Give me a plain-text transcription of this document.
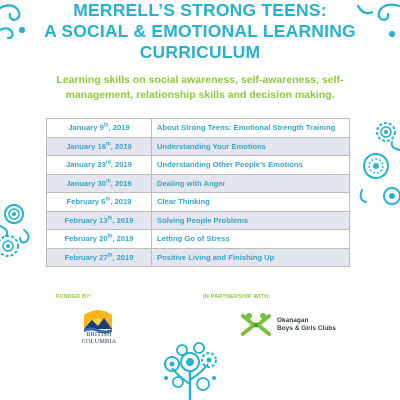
MERRELL’S STRONG TEENS:
A SOCIAL & EMOTIONAL LEARNING
CURRICULUM
Learning skills on social awareness, self-awareness, self-
management, relationship skills and decision making.
January 9th, 2019	About Strong Teens: Emotional Strength Training
January 16th, 2019	Understanding Your Emotions
January 23rd, 2019	Understanding Other People’s Emotions
January 30th, 2019	Dealing with Anger
February 6th, 2019	Clear Thinking
February 13th, 2019	Solving People Problems
February 20th, 2019	Letting Go of Stress
February 27th, 2019	Positive Living and Finishing Up
FUNDED BY:	IN PARTNERSHIP WITH:
BRITISH
COLUMBIA
Okanagan
Boys & Girls Clubs
